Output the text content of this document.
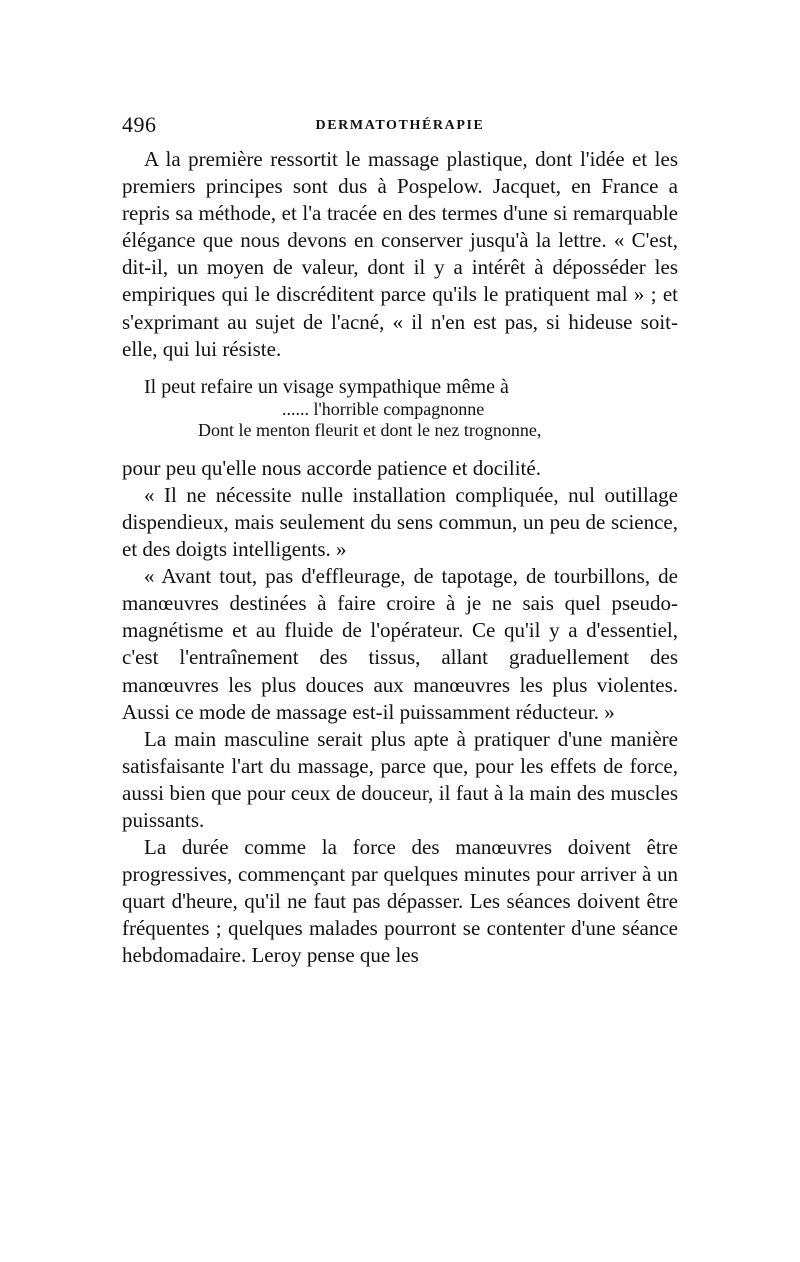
496	DERMATOTHÉRAPIE

A la première ressortit le massage plastique, dont l'idée et les premiers principes sont dus à Pospelow. Jacquet, en France a repris sa méthode, et l'a tracée en des termes d'une si remarquable élégance que nous devons en conserver jusqu'à la lettre. « C'est, dit-il, un moyen de valeur, dont il y a intérêt à déposséder les empiriques qui le discréditent parce qu'ils le pratiquent mal » ; et s'exprimant au sujet de l'acné, « il n'en est pas, si hideuse soit-elle, qui lui résiste.

Il peut refaire un visage sympathique même à
...... l'horrible compagnonne
Dont le menton fleurit et dont le nez trognonne,

pour peu qu'elle nous accorde patience et docilité.

« Il ne nécessite nulle installation compliquée, nul outillage dispendieux, mais seulement du sens commun, un peu de science, et des doigts intelligents. »

« Avant tout, pas d'effleurage, de tapotage, de tourbillons, de manœuvres destinées à faire croire à je ne sais quel pseudo-magnétisme et au fluide de l'opérateur. Ce qu'il y a d'essentiel, c'est l'entraînement des tissus, allant graduellement des manœuvres les plus douces aux manœuvres les plus violentes. Aussi ce mode de massage est-il puissamment réducteur. »

La main masculine serait plus apte à pratiquer d'une manière satisfaisante l'art du massage, parce que, pour les effets de force, aussi bien que pour ceux de douceur, il faut à la main des muscles puissants.

La durée comme la force des manœuvres doivent être progressives, commençant par quelques minutes pour arriver à un quart d'heure, qu'il ne faut pas dépasser. Les séances doivent être fréquentes ; quelques malades pourront se contenter d'une séance hebdomadaire. Leroy pense que les
